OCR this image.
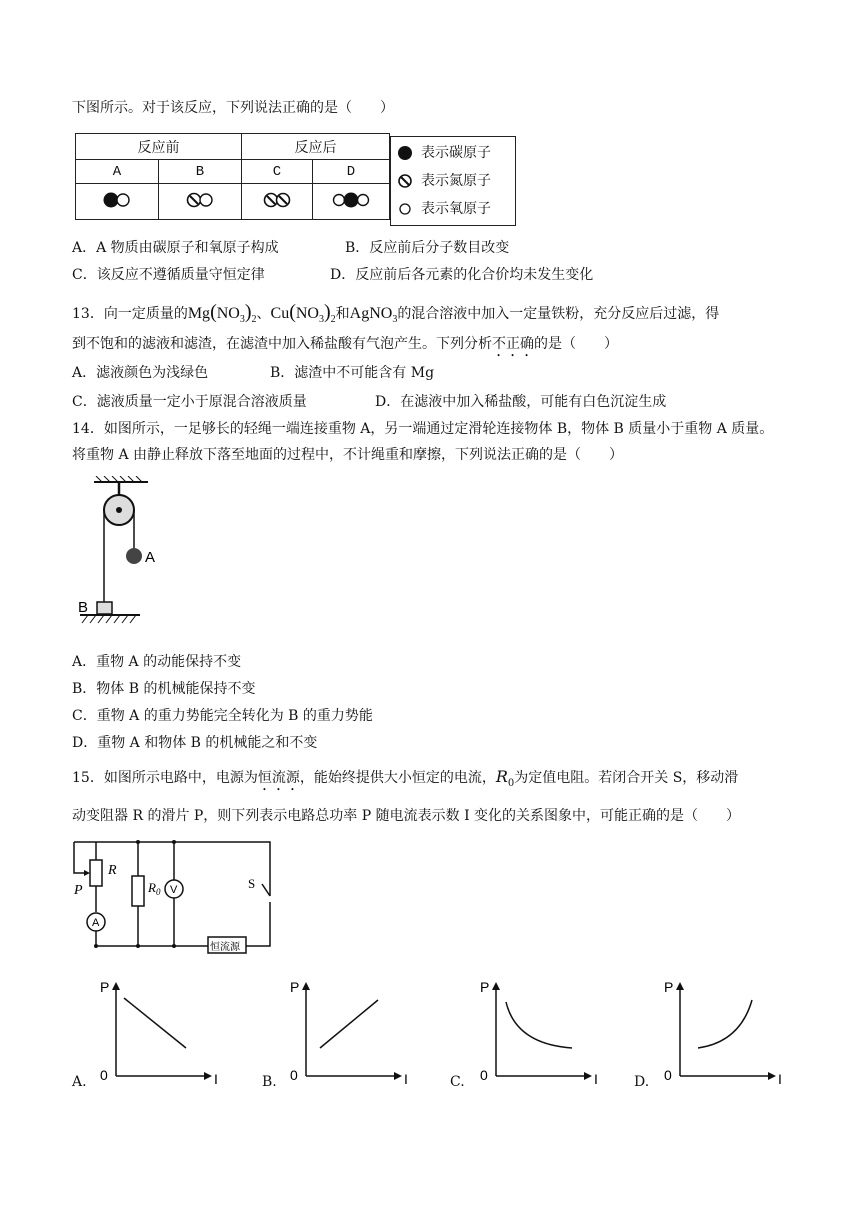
下图所示。对于该反应，下列说法正确的是（　　）
反应前		反应后	
A	B	C	D

表示碳原子
表示氮原子
表示氧原子
A．A 物质由碳原子和氧原子构成	B．反应前后分子数目改变
C．该反应不遵循质量守恒定律	D．反应前后各元素的化合价均未发生变化
13．向一定质量的$Mg(NO_3)_2$、$Cu(NO_3)_2$和AgNO$_3$的混合溶液中加入一定量铁粉，充分反应后过滤，得
到不饱和的滤液和滤渣，在滤渣中加入稀盐酸有气泡产生。下列分析不正确的是（　　）
A．滤液颜色为浅绿色	B．滤渣中不可能含有 Mg
C．滤液质量一定小于原混合溶液质量	D．在滤液中加入稀盐酸，可能有白色沉淀生成
14．如图所示，一足够长的轻绳一端连接重物 A，另一端通过定滑轮连接物体 B，物体 B 质量小于重物 A 质量。
将重物 A 由静止释放下落至地面的过程中，不计绳重和摩擦，下列说法正确的是（　　）
A
B
A．重物 A 的动能保持不变
B．物体 B 的机械能保持不变
C．重物 A 的重力势能完全转化为 B 的重力势能
D．重物 A 和物体 B 的机械能之和不变
15．如图所示电路中，电源为恒流源，能始终提供大小恒定的电流，$R_0$为定值电阻。若闭合开关 S，移动滑
动变阻器 R 的滑片 P，则下列表示电路总功率 P 随电流表示数 I 变化的关系图象中，可能正确的是（　　）
P
R
$R_0$ V
A
S
恒流源
P
I
0
A.
P
I
0
B.
P
I
0
C.
P
I
0
D.
